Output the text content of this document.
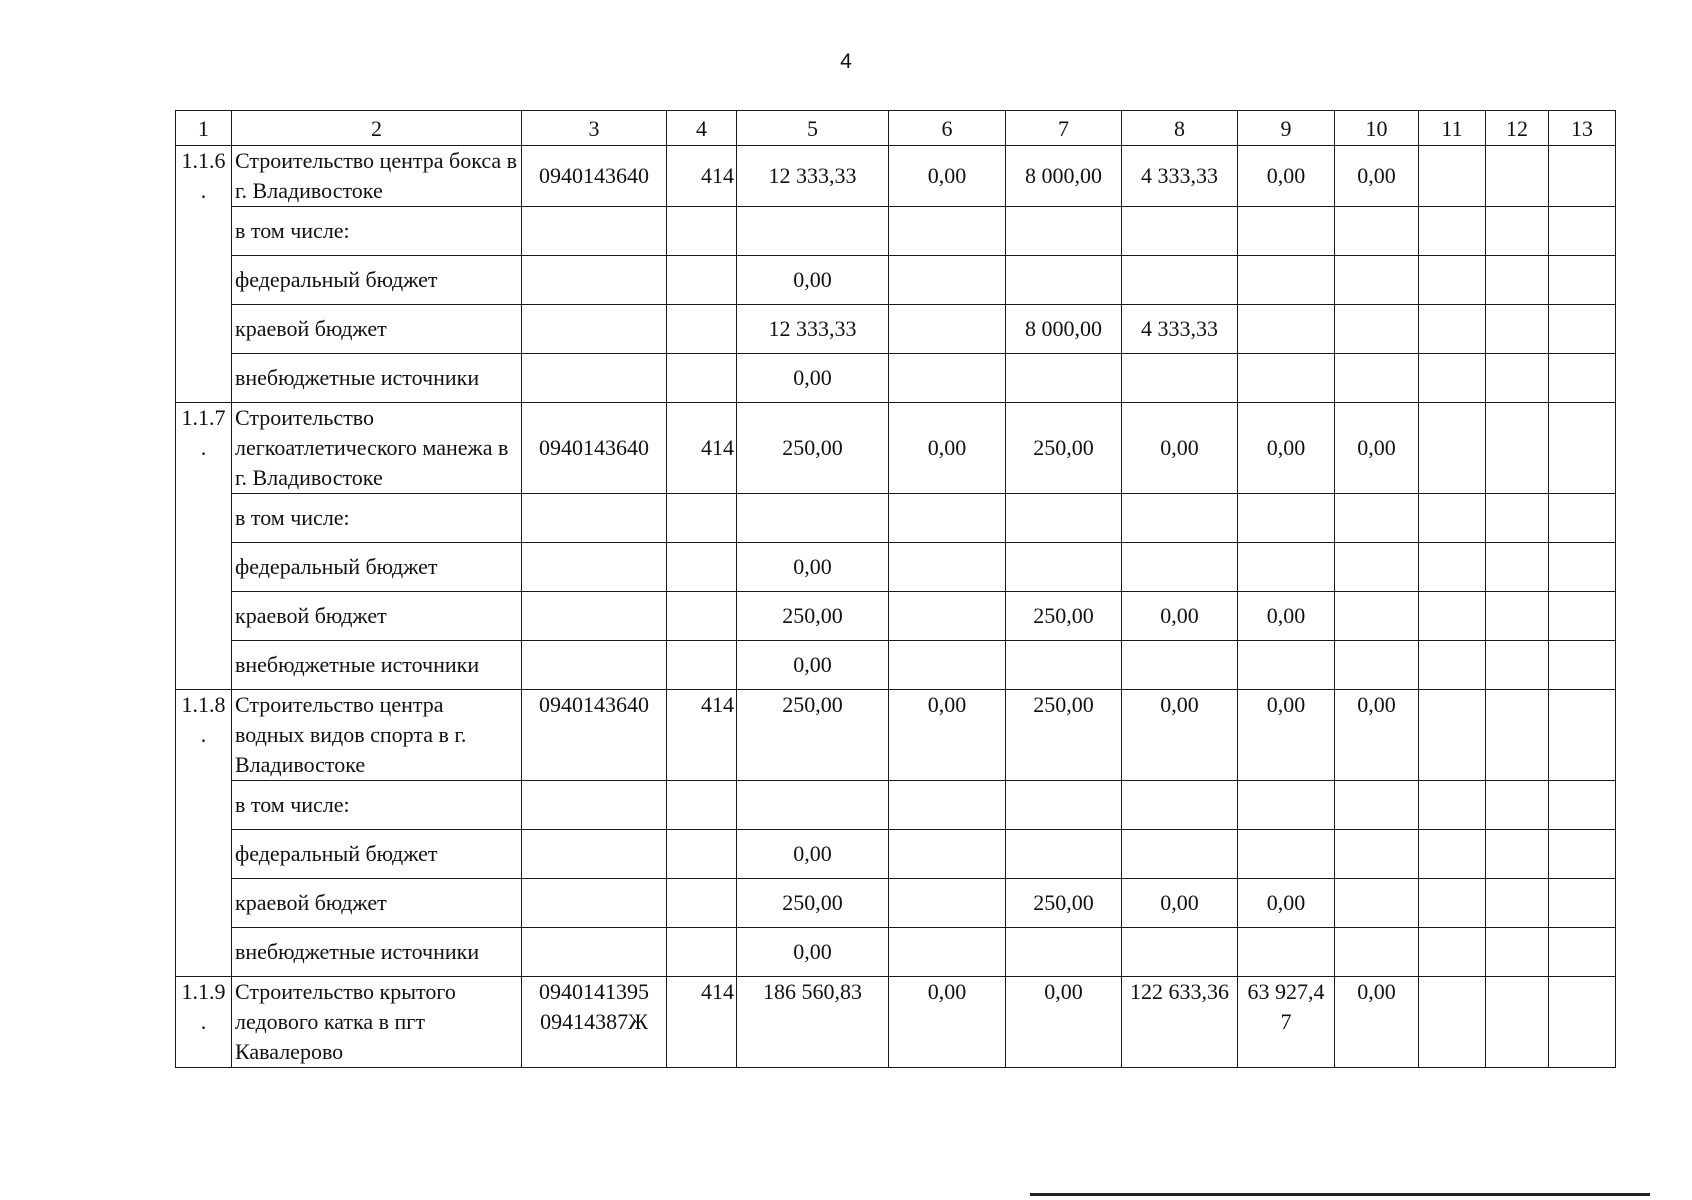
4
1	2	3	4	5	6	7	8	9	10	11	12	13
1.1.6 .	Строительство центра бокса в г. Владивостоке	0940143640	414	12 333,33	0,00	8 000,00	4 333,33	0,00	0,00			
	в том числе:											
	федеральный бюджет			0,00								
	краевой бюджет			12 333,33		8 000,00	4 333,33					
	внебюджетные источники			0,00								
1.1.7 .	Строительство легкоатлетического манежа в г. Владивостоке	0940143640	414	250,00	0,00	250,00	0,00	0,00	0,00			
	в том числе:											
	федеральный бюджет			0,00								
	краевой бюджет			250,00		250,00	0,00	0,00				
	внебюджетные источники			0,00								
1.1.8 .	Строительство центра водных видов спорта в г. Владивостоке	0940143640	414	250,00	0,00	250,00	0,00	0,00	0,00			
	в том числе:											
	федеральный бюджет			0,00								
	краевой бюджет			250,00		250,00	0,00	0,00				
	внебюджетные источники			0,00								
1.1.9 .	Строительство крытого ледового катка в пгт Кавалерово	0940141395 09414387Ж	414	186 560,83	0,00	0,00	122 633,36	63 927,4 7	0,00			
